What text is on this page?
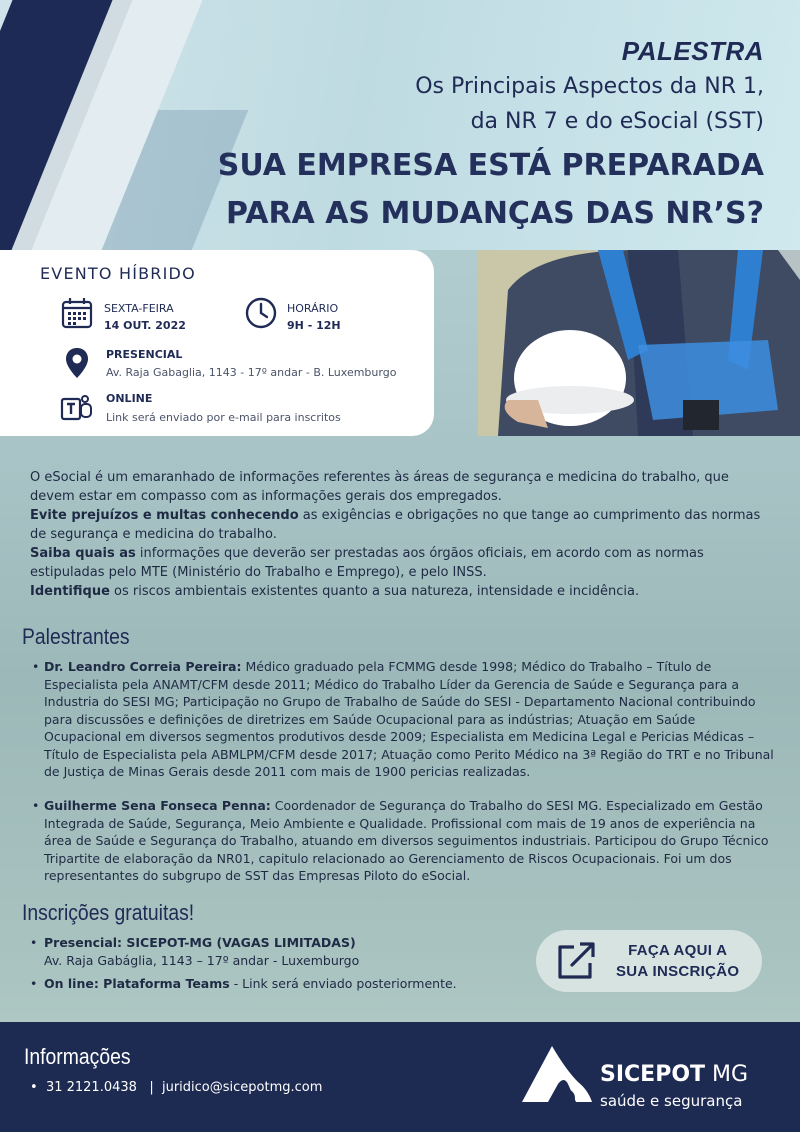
PALESTRA
Os Principais Aspectos da NR 1,
da NR 7 e do eSocial (SST)
SUA EMPRESA ESTÁ PREPARADA
PARA AS MUDANÇAS DAS NR’S?
EVENTO HÍBRIDO
SEXTA-FEIRA
14 OUT. 2022
HORÁRIO
9H - 12H
PRESENCIAL
Av. Raja Gabaglia, 1143 - 17º andar - B. Luxemburgo
ONLINE
Link será enviado por e-mail para inscritos
O eSocial é um emaranhado de informações referentes às áreas de segurança e medicina do trabalho, que devem estar em compasso com as informações gerais dos empregados.
Evite prejuízos e multas conhecendo as exigências e obrigações no que tange ao cumprimento das normas de segurança e medicina do trabalho.
Saiba quais as informações que deverão ser prestadas aos órgãos oficiais, em acordo com as normas estipuladas pelo MTE (Ministério do Trabalho e Emprego), e pelo INSS.
Identifique os riscos ambientais existentes quanto a sua natureza, intensidade e incidência.
Palestrantes
• Dr. Leandro Correia Pereira: Médico graduado pela FCMMG desde 1998; Médico do Trabalho – Título de Especialista pela ANAMT/CFM desde 2011; Médico do Trabalho Líder da Gerencia de Saúde e Segurança para a Industria do SESI MG; Participação no Grupo de Trabalho de Saúde do SESI - Departamento Nacional contribuindo para discussões e definições de diretrizes em Saúde Ocupacional para as indústrias; Atuação em Saúde Ocupacional em diversos segmentos produtivos desde 2009; Especialista em Medicina Legal e Pericias Médicas – Título de Especialista pela ABMLPM/CFM desde 2017; Atuação como Perito Médico na 3ª Região do TRT e no Tribunal de Justiça de Minas Gerais desde 2011 com mais de 1900 pericias realizadas.
• Guilherme Sena Fonseca Penna: Coordenador de Segurança do Trabalho do SESI MG. Especializado em Gestão Integrada de Saúde, Segurança, Meio Ambiente e Qualidade. Profissional com mais de 19 anos de experiência na área de Saúde e Segurança do Trabalho, atuando em diversos seguimentos industriais. Participou do Grupo Técnico Tripartite de elaboração da NR01, capitulo relacionado ao Gerenciamento de Riscos Ocupacionais. Foi um dos representantes do subgrupo de SST das Empresas Piloto do eSocial.
Inscrições gratuitas!
• Presencial: SICEPOT-MG (VAGAS LIMITADAS)
Av. Raja Gabáglia, 1143 – 17º andar - Luxemburgo
• On line: Plataforma Teams - Link será enviado posteriormente.
FAÇA AQUI A
SUA INSCRIÇÃO
Informações
•  31 2121.0438 | juridico@sicepotmg.com
SICEPOT MG
saúde e segurança
